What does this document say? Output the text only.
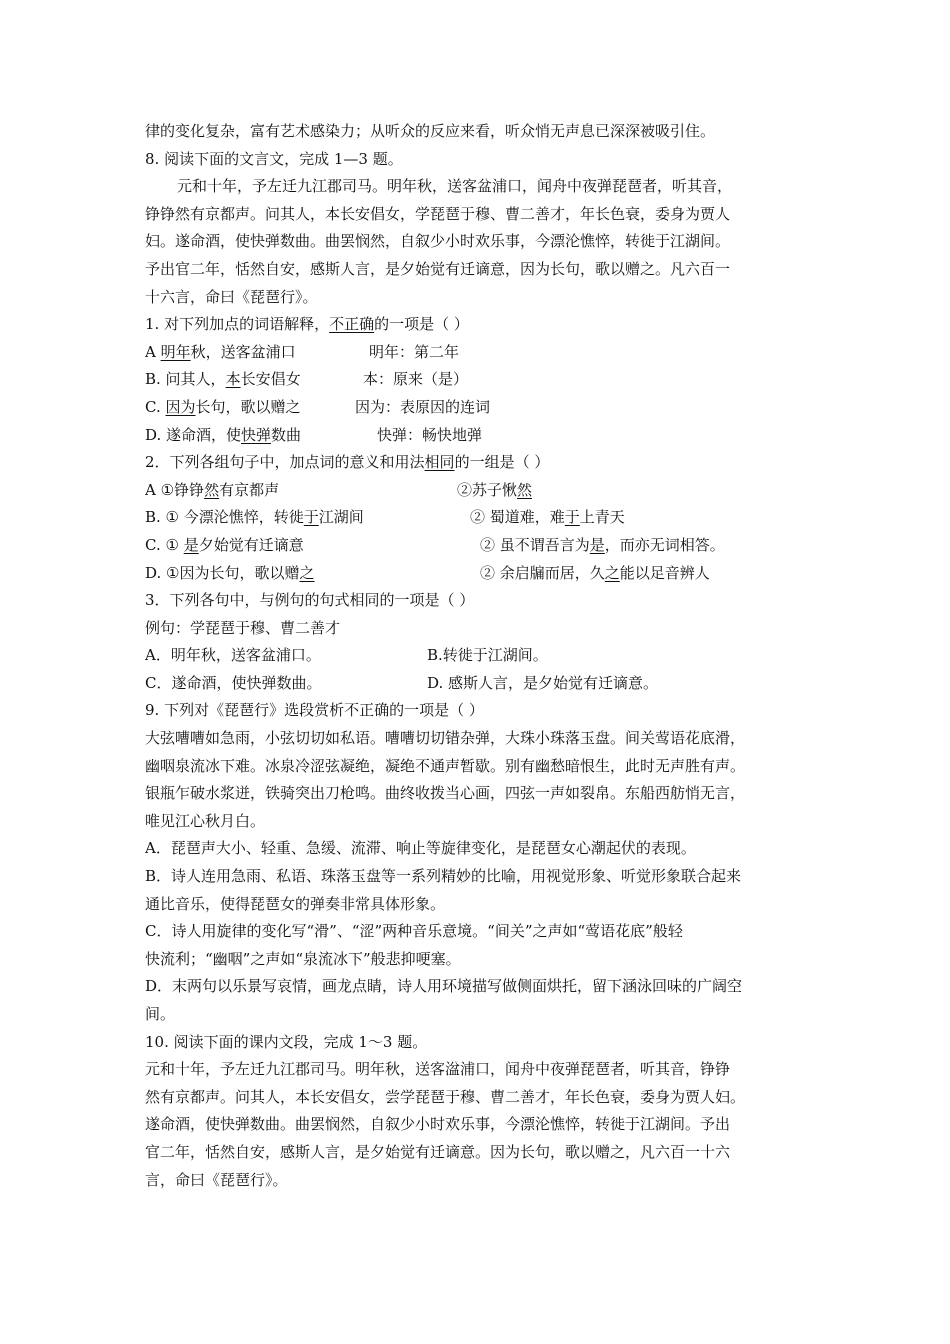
律的变化复杂，富有艺术感染力；从听众的反应来看，听众悄无声息已深深被吸引住。
8. 阅读下面的文言文，完成 1—3 题。
元和十年，予左迁九江郡司马。明年秋，送客盆浦口，闻舟中夜弹琵琶者，听其音，
铮铮然有京都声。问其人，本长安倡女，学琵琶于穆、曹二善才，年长色衰，委身为贾人
妇。遂命酒，使快弹数曲。曲罢悯然，自叙少小时欢乐事，今漂沦憔悴，转徙于江湖间。
予出官二年，恬然自安，感斯人言，是夕始觉有迁谪意，因为长句，歌以赠之。凡六百一
十六言，命曰《琵琶行》。
1. 对下列加点的词语解释，不正确的一项是（ ）
A 明年秋，送客盆浦口	明年：第二年
B. 问其人，本长安倡女	本：原来（是）
C. 因为长句，歌以赠之	因为：表原因的连词
D. 遂命酒，使快弹数曲	快弹：畅快地弹
2．下列各组句子中，加点词的意义和用法相同的一组是（ ）
A ①铮铮然有京都声	②苏子愀然
B. ① 今漂沦憔悴，转徙于江湖间	② 蜀道难，难于上青天
C. ① 是夕始觉有迁谪意	② 虽不谓吾言为是，而亦无词相答。
D. ①因为长句，歌以赠之	② 余启牖而居，久之能以足音辨人
3．下列各句中，与例句的句式相同的一项是（ ）
例句：学琵琶于穆、曹二善才
A．明年秋，送客盆浦口。	B.转徙于江湖间。
C．遂命酒，使快弹数曲。	D. 感斯人言，是夕始觉有迁谪意。
9. 下列对《琵琶行》选段赏析不正确的一项是（ ）
大弦嘈嘈如急雨，小弦切切如私语。嘈嘈切切错杂弹，大珠小珠落玉盘。间关莺语花底滑，
幽咽泉流冰下难。冰泉冷涩弦凝绝，凝绝不通声暂歇。别有幽愁暗恨生，此时无声胜有声。
银瓶乍破水浆迸，铁骑突出刀枪鸣。曲终收拨当心画，四弦一声如裂帛。东船西舫悄无言，
唯见江心秋月白。
A．琵琶声大小、轻重、急缓、流滞、响止等旋律变化，是琵琶女心潮起伏的表现。
B．诗人连用急雨、私语、珠落玉盘等一系列精妙的比喻，用视觉形象、听觉形象联合起来
通比音乐，使得琵琶女的弹奏非常具体形象。
C．诗人用旋律的变化写“滑”、“涩”两种音乐意境。“间关”之声如“莺语花底”般轻
快流利；“幽咽”之声如“泉流冰下”般悲抑哽塞。
D．末两句以乐景写哀情，画龙点睛，诗人用环境描写做侧面烘托，留下涵泳回味的广阔空
间。
10. 阅读下面的课内文段，完成 1～3 题。
元和十年，予左迁九江郡司马。明年秋，送客湓浦口，闻舟中夜弹琵琶者，听其音，铮铮
然有京都声。问其人，本长安倡女，尝学琵琶于穆、曹二善才，年长色衰，委身为贾人妇。
遂命酒，使快弹数曲。曲罢悯然，自叙少小时欢乐事，今漂沦憔悴，转徙于江湖间。予出
官二年，恬然自安，感斯人言，是夕始觉有迁谪意。因为长句，歌以赠之，凡六百一十六
言，命曰《琵琶行》。
